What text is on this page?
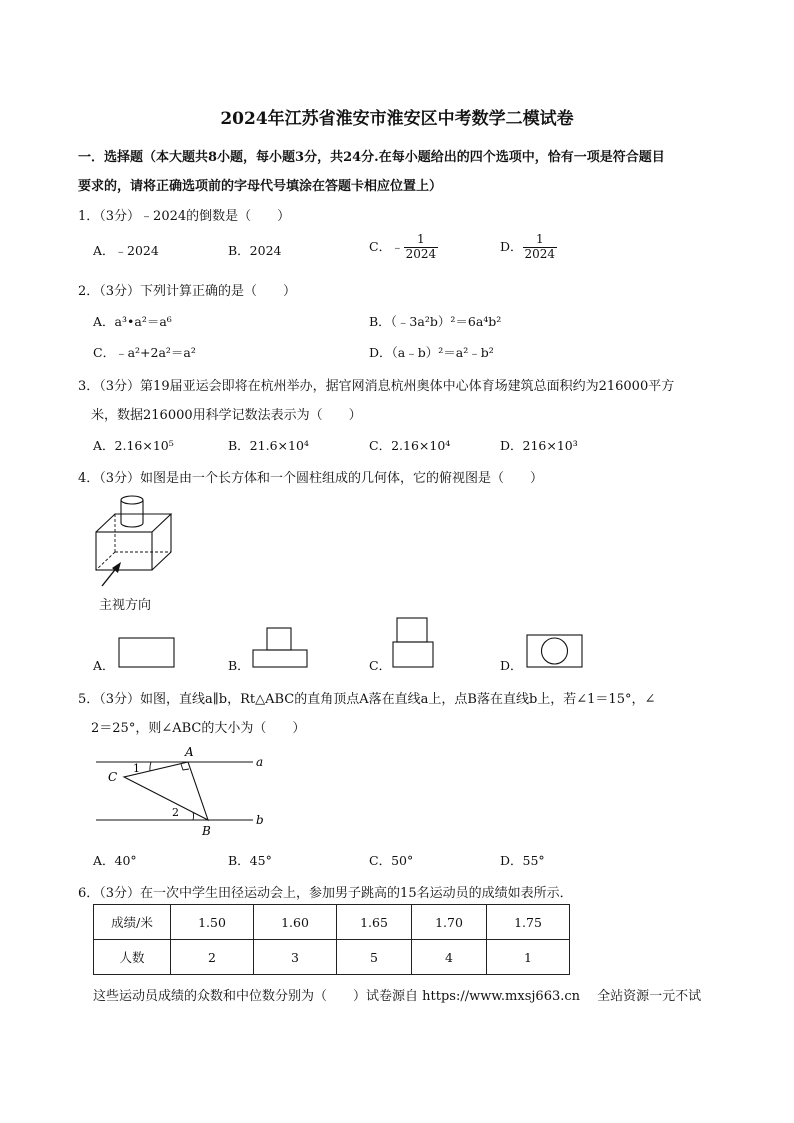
2024年江苏省淮安市淮安区中考数学二模试卷
一．选择题（本大题共8小题，每小题3分，共24分.在每小题给出的四个选项中，恰有一项是符合题目
要求的，请将正确选项前的字母代号填涂在答题卡相应位置上）
1．（3分）﹣2024的倒数是（　　）
A．﹣2024	B．2024	C．﹣ $\frac{1}{2024}$	D． $\frac{1}{2024}$
2．（3分）下列计算正确的是（　　）
A．a³•a²＝a⁶	B．（﹣3a²b）²＝6a⁴b²
C．﹣a²+2a²＝a²	D．（a﹣b）²＝a²﹣b²
3．（3分）第19届亚运会即将在杭州举办，据官网消息杭州奥体中心体育场建筑总面积约为216000平方
米，数据216000用科学记数法表示为（　　）
A．2.16×10⁵	B．21.6×10⁴	C．2.16×10⁴	D．216×10³
4．（3分）如图是由一个长方体和一个圆柱组成的几何体，它的俯视图是（　　）
主视方向
A．	B．	C．	D．
5．（3分）如图，直线a∥b，Rt△ABC的直角顶点A落在直线a上，点B落在直线b上，若∠1＝15°，∠
2＝25°，则∠ABC的大小为（　　）
A
C
B
a
b
1
2
A．40°	B．45°	C．50°	D．55°
6．（3分）在一次中学生田径运动会上，参加男子跳高的15名运动员的成绩如表所示．
成绩/米	1.50	1.60	1.65	1.70	1.75
人数	2	3	5	4	1
这些运动员成绩的众数和中位数分别为（　　）试卷源自 https://www.mxsj663.cn　 全站资源一元不试
